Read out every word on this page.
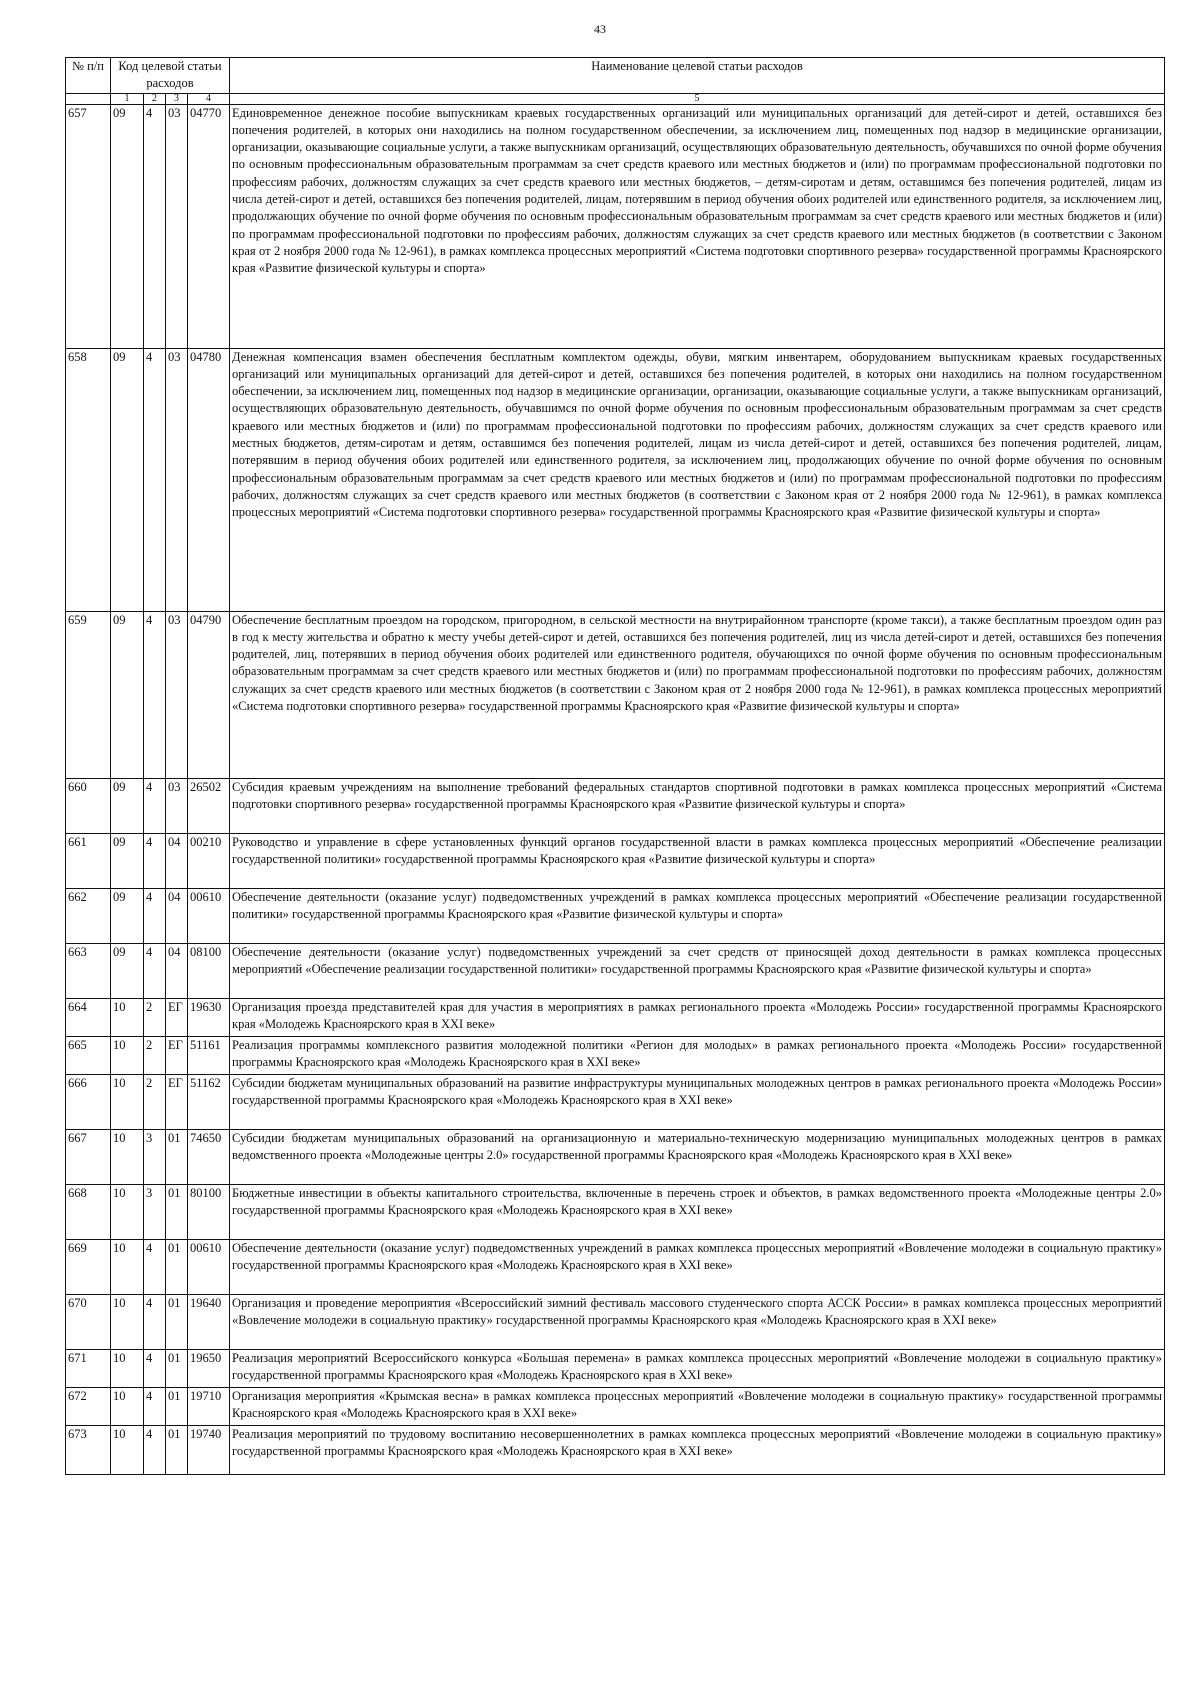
43
№ п/п	Код целевой статьи расходов				Наименование целевой статьи расходов

	1	2	3	4	5
657	09	4	03	04770	Единовременное денежное пособие выпускникам краевых государственных организаций или муниципальных организаций для детей-сирот и детей, оставшихся без попечения родителей, в которых они находились на полном государственном обеспечении, за исключением лиц, помещенных под надзор в медицинские организации, организации, оказывающие социальные услуги, а также выпускникам организаций, осуществляющих образовательную деятельность, обучавшихся по очной форме обучения по основным профессиональным образовательным программам за счет средств краевого или местных бюджетов и (или) по программам профессиональной подготовки по профессиям рабочих, должностям служащих за счет средств краевого или местных бюджетов, – детям-сиротам и детям, оставшимся без попечения родителей, лицам из числа детей-сирот и детей, оставшихся без попечения родителей, лицам, потерявшим в период обучения обоих родителей или единственного родителя, за исключением лиц, продолжающих обучение по очной форме обучения по основным профессиональным образовательным программам за счет средств краевого или местных бюджетов и (или) по программам профессиональной подготовки по профессиям рабочих, должностям служащих за счет средств краевого или местных бюджетов (в соответствии с Законом края от 2 ноября 2000 года № 12-961), в рамках комплекса процессных мероприятий «Система подготовки спортивного резерва» государственной программы Красноярского края «Развитие физической культуры и спорта»
658	09	4	03	04780	Денежная компенсация взамен обеспечения бесплатным комплектом одежды, обуви, мягким инвентарем, оборудованием выпускникам краевых государственных организаций или муниципальных организаций для детей-сирот и детей, оставшихся без попечения родителей, в которых они находились на полном государственном обеспечении, за исключением лиц, помещенных под надзор в медицинские организации, организации, оказывающие социальные услуги, а также выпускникам организаций, осуществляющих образовательную деятельность, обучавшимся по очной форме обучения по основным профессиональным образовательным программам за счет средств краевого или местных бюджетов и (или) по программам профессиональной подготовки по профессиям рабочих, должностям служащих за счет средств краевого или местных бюджетов, детям-сиротам и детям, оставшимся без попечения родителей, лицам из числа детей-сирот и детей, оставшихся без попечения родителей, лицам, потерявшим в период обучения обоих родителей или единственного родителя, за исключением лиц, продолжающих обучение по очной форме обучения по основным профессиональным образовательным программам за счет средств краевого или местных бюджетов и (или) по программам профессиональной подготовки по профессиям рабочих, должностям служащих за счет средств краевого или местных бюджетов (в соответствии с Законом края от 2 ноября 2000 года № 12-961), в рамках комплекса процессных мероприятий «Система подготовки спортивного резерва» государственной программы Красноярского края «Развитие физической культуры и спорта»
659	09	4	03	04790	Обеспечение бесплатным проездом на городском, пригородном, в сельской местности на внутрирайонном транспорте (кроме такси), а также бесплатным проездом один раз в год к месту жительства и обратно к месту учебы детей-сирот и детей, оставшихся без попечения родителей, лиц из числа детей-сирот и детей, оставшихся без попечения родителей, лиц, потерявших в период обучения обоих родителей или единственного родителя, обучающихся по очной форме обучения по основным профессиональным образовательным программам за счет средств краевого или местных бюджетов и (или) по программам профессиональной подготовки по профессиям рабочих, должностям служащих за счет средств краевого или местных бюджетов (в соответствии с Законом края от 2 ноября 2000 года № 12-961), в рамках комплекса процессных мероприятий «Система подготовки спортивного резерва» государственной программы Красноярского края «Развитие физической культуры и спорта»
660	09	4	03	26502	Субсидия краевым учреждениям на выполнение требований федеральных стандартов спортивной подготовки в рамках комплекса процессных мероприятий «Система подготовки спортивного резерва» государственной программы Красноярского края «Развитие физической культуры и спорта»
661	09	4	04	00210	Руководство и управление в сфере установленных функций органов государственной власти в рамках комплекса процессных мероприятий «Обеспечение реализации государственной политики» государственной программы Красноярского края «Развитие физической культуры и спорта»
662	09	4	04	00610	Обеспечение деятельности (оказание услуг) подведомственных учреждений в рамках комплекса процессных мероприятий «Обеспечение реализации государственной политики» государственной программы Красноярского края «Развитие физической культуры и спорта»
663	09	4	04	08100	Обеспечение деятельности (оказание услуг) подведомственных учреждений за счет средств от приносящей доход деятельности в рамках комплекса процессных мероприятий «Обеспечение реализации государственной политики» государственной программы Красноярского края «Развитие физической культуры и спорта»
664	10	2	ЕГ	19630	Организация проезда представителей края для участия в мероприятиях в рамках регионального проекта «Молодежь России» государственной программы Красноярского края «Молодежь Красноярского края в XXI веке»
665	10	2	ЕГ	51161	Реализация программы комплексного развития молодежной политики «Регион для молодых» в рамках регионального проекта «Молодежь России» государственной программы Красноярского края «Молодежь Красноярского края в XXI веке»
666	10	2	ЕГ	51162	Субсидии бюджетам муниципальных образований на развитие инфраструктуры муниципальных молодежных центров в рамках регионального проекта «Молодежь России» государственной программы Красноярского края «Молодежь Красноярского края в XXI веке»
667	10	3	01	74650	Субсидии бюджетам муниципальных образований на организационную и материально-техническую модернизацию муниципальных молодежных центров в рамках ведомственного проекта «Молодежные центры 2.0» государственной программы Красноярского края «Молодежь Красноярского края в XXI веке»
668	10	3	01	80100	Бюджетные инвестиции в объекты капитального строительства, включенные в перечень строек и объектов, в рамках ведомственного проекта «Молодежные центры 2.0» государственной программы Красноярского края «Молодежь Красноярского края в XXI веке»
669	10	4	01	00610	Обеспечение деятельности (оказание услуг) подведомственных учреждений в рамках комплекса процессных мероприятий «Вовлечение молодежи в социальную практику» государственной программы Красноярского края «Молодежь Красноярского края в XXI веке»
670	10	4	01	19640	Организация и проведение мероприятия «Всероссийский зимний фестиваль массового студенческого спорта АССК России» в рамках комплекса процессных мероприятий «Вовлечение молодежи в социальную практику» государственной программы Красноярского края «Молодежь Красноярского края в XXI веке»
671	10	4	01	19650	Реализация мероприятий Всероссийского конкурса «Большая перемена» в рамках комплекса процессных мероприятий «Вовлечение молодежи в социальную практику» государственной программы Красноярского края «Молодежь Красноярского края в XXI веке»
672	10	4	01	19710	Организация мероприятия «Крымская весна» в рамках комплекса процессных мероприятий «Вовлечение молодежи в социальную практику» государственной программы Красноярского края «Молодежь Красноярского края в XXI веке»
673	10	4	01	19740	Реализация мероприятий по трудовому воспитанию несовершеннолетних в рамках комплекса процессных мероприятий «Вовлечение молодежи в социальную практику» государственной программы Красноярского края «Молодежь Красноярского края в XXI веке»
